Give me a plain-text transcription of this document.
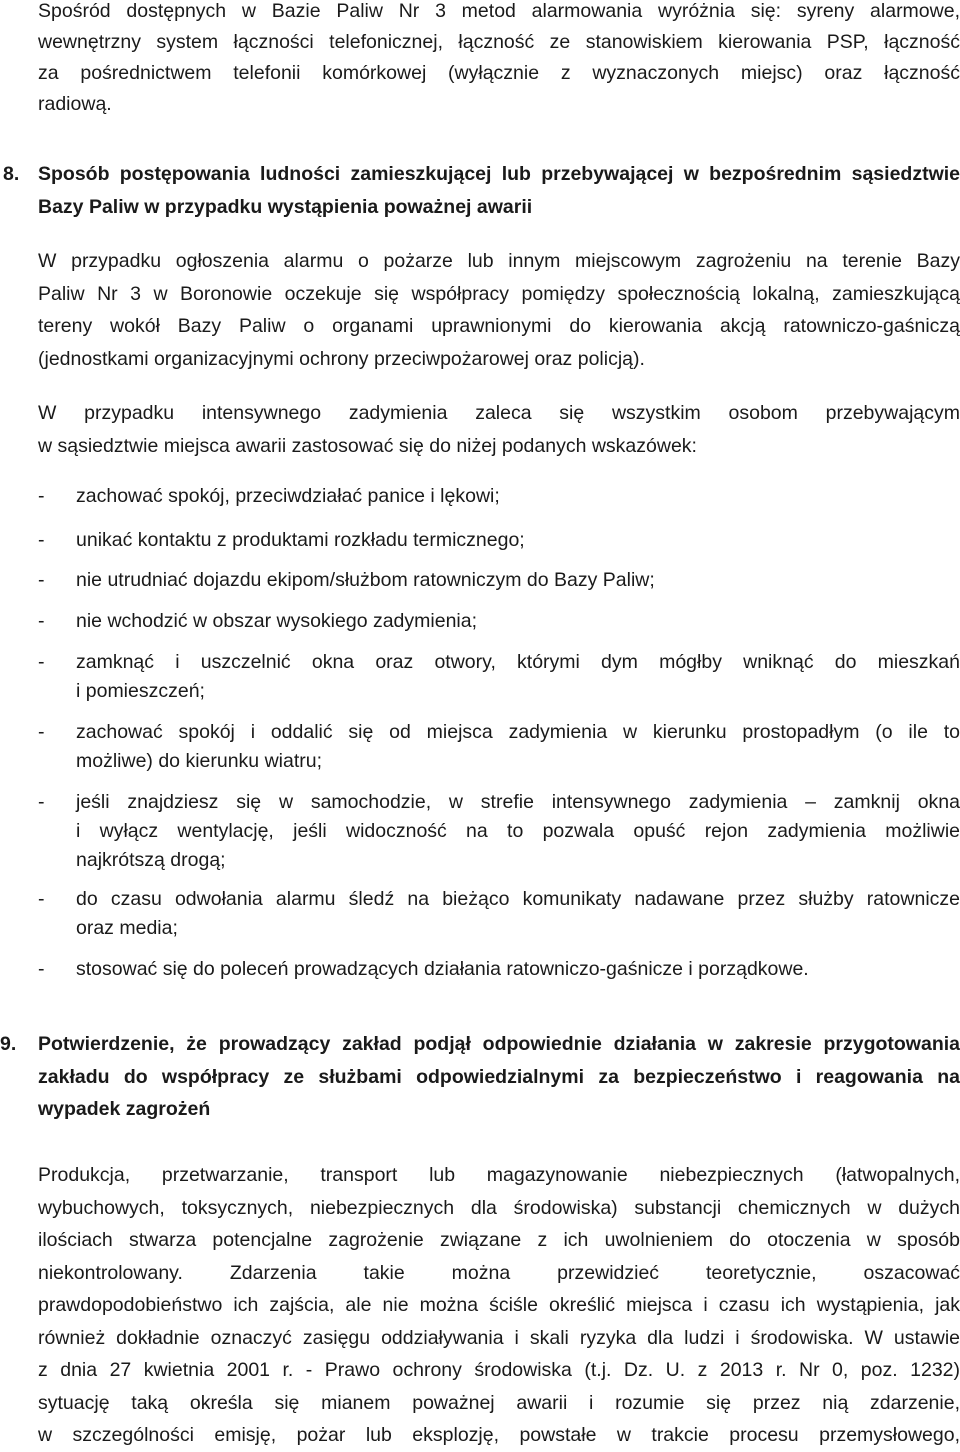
Spośród dostępnych w Bazie Paliw Nr 3 metod alarmowania wyróżnia się: syreny alarmowe,
wewnętrzny system łączności telefonicznej, łączność ze stanowiskiem kierowania PSP, łączność
za pośrednictwem telefonii komórkowej (wyłącznie z wyznaczonych miejsc) oraz łączność
radiową.
8. Sposób postępowania ludności zamieszkującej lub przebywającej w bezpośrednim sąsiedztwie
Bazy Paliw w przypadku wystąpienia poważnej awarii
W przypadku ogłoszenia alarmu o pożarze lub innym miejscowym zagrożeniu na terenie Bazy
Paliw Nr 3 w Boronowie oczekuje się współpracy pomiędzy społecznością lokalną, zamieszkującą
tereny wokół Bazy Paliw o organami uprawnionymi do kierowania akcją ratowniczo-gaśniczą
(jednostkami organizacyjnymi ochrony przeciwpożarowej oraz policją).
W przypadku intensywnego zadymienia zaleca się wszystkim osobom przebywającym
w sąsiedztwie miejsca awarii zastosować się do niżej podanych wskazówek:
- zachować spokój, przeciwdziałać panice i lękowi;
- unikać kontaktu z produktami rozkładu termicznego;
- nie utrudniać dojazdu ekipom/służbom ratowniczym do Bazy Paliw;
- nie wchodzić w obszar wysokiego zadymienia;
- zamknąć i uszczelnić okna oraz otwory, którymi dym mógłby wniknąć do mieszkań
i pomieszczeń;
- zachować spokój i oddalić się od miejsca zadymienia w kierunku prostopadłym (o ile to
możliwe) do kierunku wiatru;
- jeśli znajdziesz się w samochodzie, w strefie intensywnego zadymienia – zamknij okna
i wyłącz wentylację, jeśli widoczność na to pozwala opuść rejon zadymienia możliwie
najkrótszą drogą;
- do czasu odwołania alarmu śledź na bieżąco komunikaty nadawane przez służby ratownicze
oraz media;
- stosować się do poleceń prowadzących działania ratowniczo-gaśnicze i porządkowe.
9. Potwierdzenie, że prowadzący zakład podjął odpowiednie działania w zakresie przygotowania
zakładu do współpracy ze służbami odpowiedzialnymi za bezpieczeństwo i reagowania na
wypadek zagrożeń
Produkcja, przetwarzanie, transport lub magazynowanie niebezpiecznych (łatwopalnych,
wybuchowych, toksycznych, niebezpiecznych dla środowiska) substancji chemicznych w dużych
ilościach stwarza potencjalne zagrożenie związane z ich uwolnieniem do otoczenia w sposób
niekontrolowany. Zdarzenia takie można przewidzieć teoretycznie, oszacować
prawdopodobieństwo ich zajścia, ale nie można ściśle określić miejsca i czasu ich wystąpienia, jak
również dokładnie oznaczyć zasięgu oddziaływania i skali ryzyka dla ludzi i środowiska. W ustawie
z dnia 27 kwietnia 2001 r. - Prawo ochrony środowiska (t.j. Dz. U. z 2013 r. Nr 0, poz. 1232)
sytuację taką określa się mianem poważnej awarii i rozumie się przez nią zdarzenie,
w szczególności emisję, pożar lub eksplozję, powstałe w trakcie procesu przemysłowego,
